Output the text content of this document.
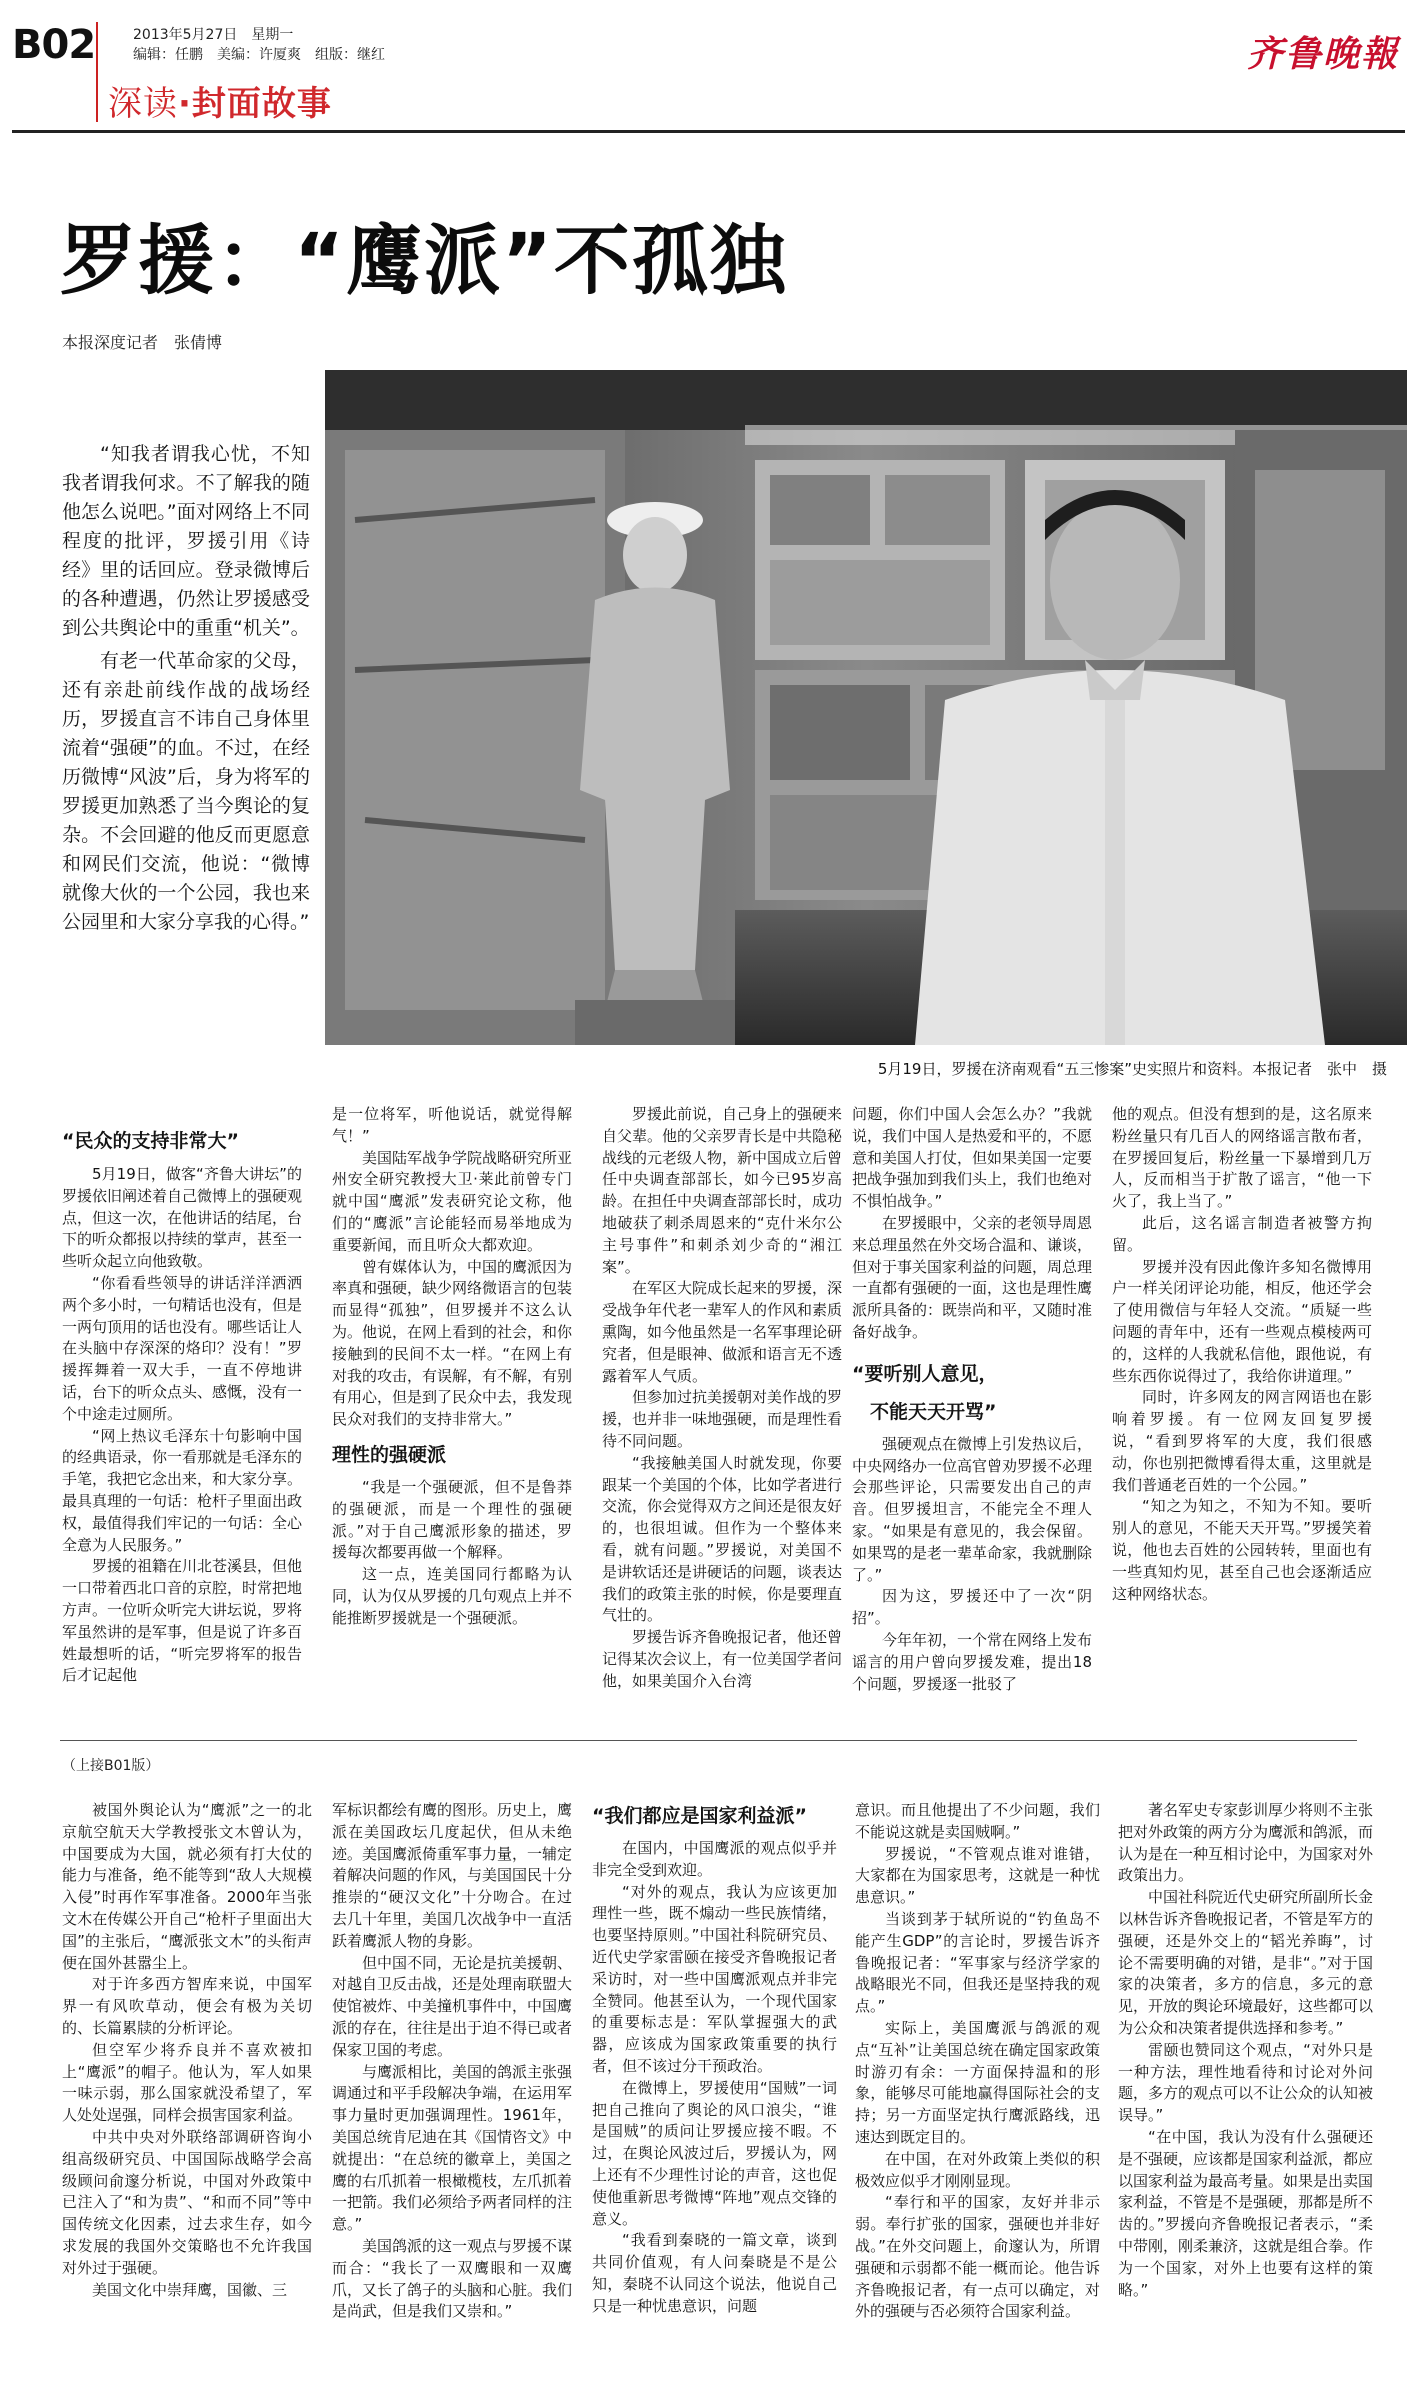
B02	2013年5月27日　星期一
编辑：任鹏　美编：许厦爽　组版：继红
深读·封面故事
齐鲁晚報
罗援：“鹰派”不孤独
本报深度记者　张倩博

“知我者谓我心忧，不知我者谓我何求。不了解我的随他怎么说吧。”面对网络上不同程度的批评，罗援引用《诗经》里的话回应。登录微博后的各种遭遇，仍然让罗援感受到公共舆论中的重重“机关”。

有老一代革命家的父母，还有亲赴前线作战的战场经历，罗援直言不讳自己身体里流着“强硬”的血。不过，在经历微博“风波”后，身为将军的罗援更加熟悉了当今舆论的复杂。不会回避的他反而更愿意和网民们交流，他说：“微博就像大伙的一个公园，我也来公园里和大家分享我的心得。”

5月19日，罗援在济南观看“五三惨案”史实照片和资料。本报记者　张中　摄
“民众的支持非常大”

5月19日，做客“齐鲁大讲坛”的罗援依旧阐述着自己微博上的强硬观点，但这一次，在他讲话的结尾，台下的听众都报以持续的掌声，甚至一些听众起立向他致敬。

“你看看些领导的讲话洋洋洒洒两个多小时，一句精话也没有，但是一两句顶用的话也没有。哪些话让人在头脑中存深深的烙印？没有！”罗援挥舞着一双大手，一直不停地讲话，台下的听众点头、感慨，没有一个中途走过厕所。

“网上热议毛泽东十句影响中国的经典语录，你一看那就是毛泽东的手笔，我把它念出来，和大家分享。最具真理的一句话：枪杆子里面出政权，最值得我们牢记的一句话：全心全意为人民服务。”

罗援的祖籍在川北苍溪县，但他一口带着西北口音的京腔，时常把地方声。一位听众听完大讲坛说，罗将军虽然讲的是军事，但是说了许多百姓最想听的话，“听完罗将军的报告后才记起他

是一位将军，听他说话，就觉得解气！”

美国陆军战争学院战略研究所亚州安全研究教授大卫·莱此前曾专门就中国“鹰派”发表研究论文称，他们的“鹰派”言论能轻而易举地成为重要新闻，而且听众大都欢迎。

曾有媒体认为，中国的鹰派因为率真和强硬，缺少网络微语言的包装而显得“孤独”，但罗援并不这么认为。他说，在网上看到的社会，和你接触到的民间不太一样。“在网上有对我的攻击，有误解，有不解，有别有用心，但是到了民众中去，我发现民众对我们的支持非常大。”

理性的强硬派

“我是一个强硬派，但不是鲁莽的强硬派，而是一个理性的强硬派。”对于自己鹰派形象的描述，罗援每次都要再做一个解释。

这一点，连美国同行都略为认同，认为仅从罗援的几句观点上并不能推断罗援就是一个强硬派。

罗援此前说，自己身上的强硬来自父辈。他的父亲罗青长是中共隐秘战线的元老级人物，新中国成立后曾任中央调查部部长，如今已95岁高龄。在担任中央调查部部长时，成功地破获了刺杀周恩来的“克什米尔公主号事件”和刺杀刘少奇的“湘江案”。

在军区大院成长起来的罗援，深受战争年代老一辈军人的作风和素质熏陶，如今他虽然是一名军事理论研究者，但是眼神、做派和语言无不透露着军人气质。

但参加过抗美援朝对美作战的罗援，也并非一味地强硬，而是理性看待不同问题。

“我接触美国人时就发现，你要跟某一个美国的个体，比如学者进行交流，你会觉得双方之间还是很友好的，也很坦诚。但作为一个整体来看，就有问题。”罗援说，对美国不是讲软话还是讲硬话的问题，谈表达我们的政策主张的时候，你是要理直气壮的。

罗援告诉齐鲁晚报记者，他还曾记得某次会议上，有一位美国学者问他，如果美国介入台湾

问题，你们中国人会怎么办？”我就说，我们中国人是热爱和平的，不愿意和美国人打仗，但如果美国一定要把战争强加到我们头上，我们也绝对不惧怕战争。”

在罗援眼中，父亲的老领导周恩来总理虽然在外交场合温和、谦谈，但对于事关国家利益的问题，周总理一直都有强硬的一面，这也是理性鹰派所具备的：既崇尚和平，又随时准备好战争。

“要听别人意见，
不能天天开骂”

强硬观点在微博上引发热议后，中央网络办一位高官曾劝罗援不必理会那些评论，只需要发出自己的声音。但罗援坦言，不能完全不理人家。“如果是有意见的，我会保留。如果骂的是老一辈革命家，我就删除了。”

因为这，罗援还中了一次“阴招”。

今年年初，一个常在网络上发布谣言的用户曾向罗援发难，提出18个问题，罗援逐一批驳了

他的观点。但没有想到的是，这名原来粉丝量只有几百人的网络谣言散布者，在罗援回复后，粉丝量一下暴增到几万人，反而相当于扩散了谣言，“他一下火了，我上当了。”

此后，这名谣言制造者被警方拘留。

罗援并没有因此像许多知名微博用户一样关闭评论功能，相反，他还学会了使用微信与年轻人交流。“质疑一些问题的青年中，还有一些观点模棱两可的，这样的人我就私信他，跟他说，有些东西你说得过了，我给你讲道理。”

同时，许多网友的网言网语也在影响着罗援。有一位网友回复罗援说，“看到罗将军的大度，我们很感动，你也别把微博看得太重，这里就是我们普通老百姓的一个公园。”

“知之为知之，不知为不知。要听别人的意见，不能天天开骂。”罗援笑着说，他也去百姓的公园转转，里面也有一些真知灼见，甚至自己也会逐渐适应这种网络状态。

（上接B01版）

被国外舆论认为“鹰派”之一的北京航空航天大学教授张文木曾认为，中国要成为大国，就必须有打大仗的能力与准备，绝不能等到“敌人大规模入侵”时再作军事准备。2000年当张文木在传媒公开自己“枪杆子里面出大国”的主张后，“鹰派张文木”的头衔声便在国外甚嚣尘上。

对于许多西方智库来说，中国军界一有风吹草动，便会有极为关切的、长篇累牍的分析评论。

但空军少将乔良并不喜欢被扣上“鹰派”的帽子。他认为，军人如果一味示弱，那么国家就没希望了，军人处处逞强，同样会损害国家利益。

中共中央对外联络部调研咨询小组高级研究员、中国国际战略学会高级顾问俞邃分析说，中国对外政策中已注入了“和为贵”、“和而不同”等中国传统文化因素，过去求生存，如今求发展的我国外交策略也不允许我国对外过于强硬。

美国文化中崇拜鹰，国徽、三

军标识都绘有鹰的图形。历史上，鹰派在美国政坛几度起伏，但从未绝迹。美国鹰派倚重军事力量，一辅定着解决问题的作风，与美国国民十分推崇的“硬汉文化”十分吻合。在过去几十年里，美国几次战争中一直活跃着鹰派人物的身影。

但中国不同，无论是抗美援朝、对越自卫反击战，还是处理南联盟大使馆被炸、中美撞机事件中，中国鹰派的存在，往往是出于迫不得已或者保家卫国的考虑。

与鹰派相比，美国的鸽派主张强调通过和平手段解决争端，在运用军事力量时更加强调理性。1961年，美国总统肯尼迪在其《国情咨文》中就提出：“在总统的徽章上，美国之鹰的右爪抓着一根橄榄枝，左爪抓着一把箭。我们必须给予两者同样的注意。”

美国鸽派的这一观点与罗援不谋而合：“我长了一双鹰眼和一双鹰爪，又长了鸽子的头脑和心脏。我们是尚武，但是我们又崇和。”

“我们都应是国家利益派”

在国内，中国鹰派的观点似乎并非完全受到欢迎。

“对外的观点，我认为应该更加理性一些，既不煽动一些民族情绪，也要坚持原则。”中国社科院研究员、近代史学家雷颐在接受齐鲁晚报记者采访时，对一些中国鹰派观点并非完全赞同。他甚至认为，一个现代国家的重要标志是：军队掌握强大的武器，应该成为国家政策重要的执行者，但不该过分干预政治。

在微博上，罗援使用“国贼”一词把自己推向了舆论的风口浪尖，“谁是国贼”的质问让罗援应接不暇。不过，在舆论风波过后，罗援认为，网上还有不少理性讨论的声音，这也促使他重新思考微博“阵地”观点交锋的意义。

“我看到秦晓的一篇文章，谈到共同价值观，有人问秦晓是不是公知，秦晓不认同这个说法，他说自己只是一种忧患意识，问题

意识。而且他提出了不少问题，我们不能说这就是卖国贼啊。”

罗援说，“不管观点谁对谁错，大家都在为国家思考，这就是一种忧患意识。”

当谈到茅于轼所说的“钓鱼岛不能产生GDP”的言论时，罗援告诉齐鲁晚报记者：“军事家与经济学家的战略眼光不同，但我还是坚持我的观点。”

实际上，美国鹰派与鸽派的观点“互补”让美国总统在确定国家政策时游刃有余：一方面保持温和的形象，能够尽可能地赢得国际社会的支持；另一方面坚定执行鹰派路线，迅速达到既定目的。

在中国，在对外政策上类似的积极效应似乎才刚刚显现。

“奉行和平的国家，友好并非示弱。奉行扩张的国家，强硬也并非好战。”在外交问题上，俞邃认为，所谓强硬和示弱都不能一概而论。他告诉齐鲁晚报记者，有一点可以确定，对外的强硬与否必须符合国家利益。

著名军史专家彭训厚少将则不主张把对外政策的两方分为鹰派和鸽派，而认为是在一种互相讨论中，为国家对外政策出力。

中国社科院近代史研究所副所长金以林告诉齐鲁晚报记者，不管是军方的强硬，还是外交上的“韬光养晦”，讨论不需要明确的对错，是非“。”对于国家的决策者，多方的信息，多元的意见，开放的舆论环境最好，这些都可以为公众和决策者提供选择和参考。”

雷颐也赞同这个观点，“对外只是一种方法，理性地看待和讨论对外问题，多方的观点可以不让公众的认知被误导。”

“在中国，我认为没有什么强硬还是不强硬，应该都是国家利益派，都应以国家利益为最高考量。如果是出卖国家利益，不管是不是强硬，那都是所不齿的。”罗援向齐鲁晚报记者表示，“柔中带刚，刚柔兼济，这就是组合拳。作为一个国家，对外上也要有这样的策略。”
